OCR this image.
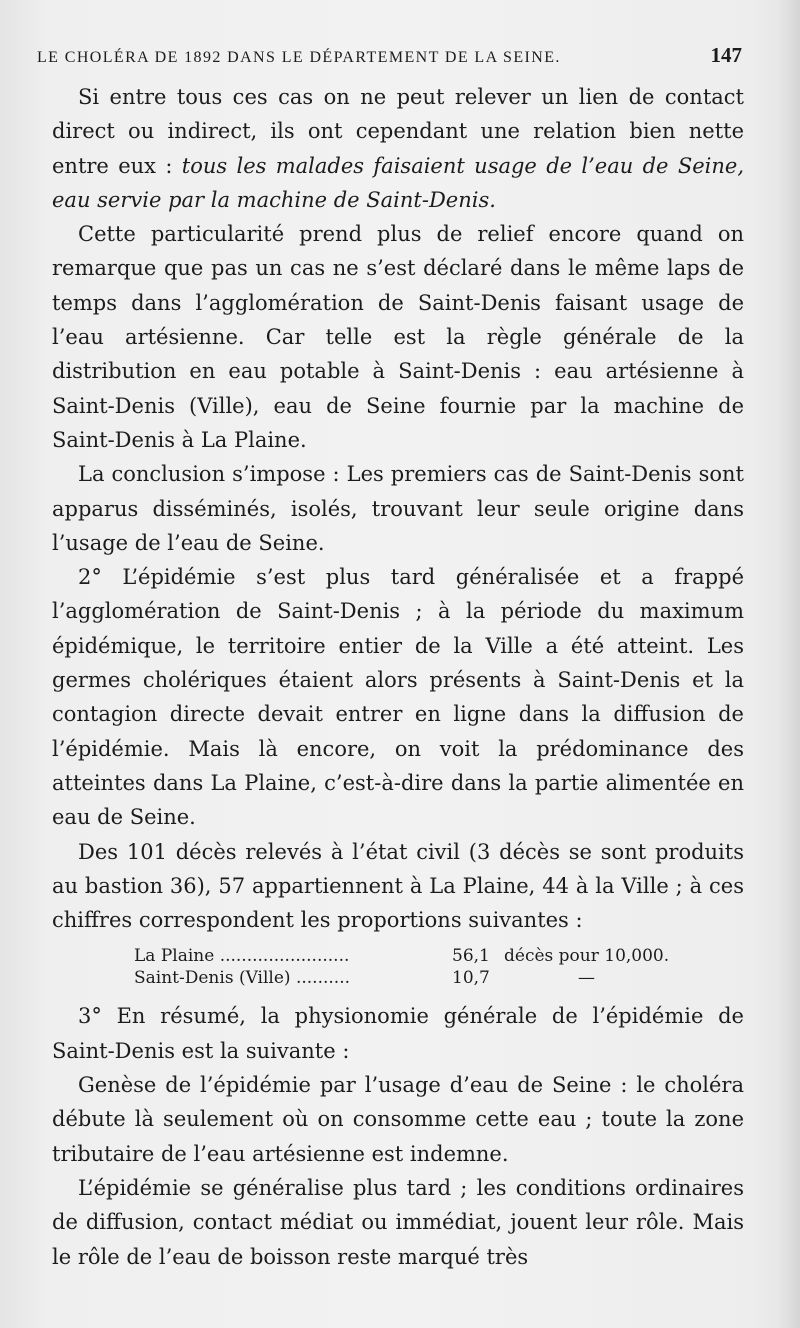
LE CHOLÉRA DE 1892 DANS LE DÉPARTEMENT DE LA SEINE.	147

Si entre tous ces cas on ne peut relever un lien de contact direct ou indirect, ils ont cependant une relation bien nette entre eux : tous les malades faisaient usage de l’eau de Seine, eau servie par la machine de Saint-Denis.

Cette particularité prend plus de relief encore quand on remarque que pas un cas ne s’est déclaré dans le même laps de temps dans l’agglomération de Saint-Denis faisant usage de l’eau artésienne. Car telle est la règle générale de la distribution en eau potable à Saint-Denis : eau artésienne à Saint-Denis (Ville), eau de Seine fournie par la machine de Saint-Denis à La Plaine.

La conclusion s’impose : Les premiers cas de Saint-Denis sont apparus disséminés, isolés, trouvant leur seule origine dans l’usage de l’eau de Seine.

2° L’épidémie s’est plus tard généralisée et a frappé l’agglomération de Saint-Denis ; à la période du maximum épidémique, le territoire entier de la Ville a été atteint. Les germes cholériques étaient alors présents à Saint-Denis et la contagion directe devait entrer en ligne dans la diffusion de l’épidémie. Mais là encore, on voit la prédominance des atteintes dans La Plaine, c’est-à-dire dans la partie alimentée en eau de Seine.

Des 101 décès relevés à l’état civil (3 décès se sont produits au bastion 36), 57 appartiennent à La Plaine, 44 à la Ville ; à ces chiffres correspondent les proportions suivantes :

La Plaine ........................	56,1 décès pour 10,000.
Saint-Denis (Ville) ..........	10,7	—

3° En résumé, la physionomie générale de l’épidémie de Saint-Denis est la suivante :

Genèse de l’épidémie par l’usage d’eau de Seine : le choléra débute là seulement où on consomme cette eau ; toute la zone tributaire de l’eau artésienne est indemne.

L’épidémie se généralise plus tard ; les conditions ordinaires de diffusion, contact médiat ou immédiat, jouent leur rôle. Mais le rôle de l’eau de boisson reste marqué très
